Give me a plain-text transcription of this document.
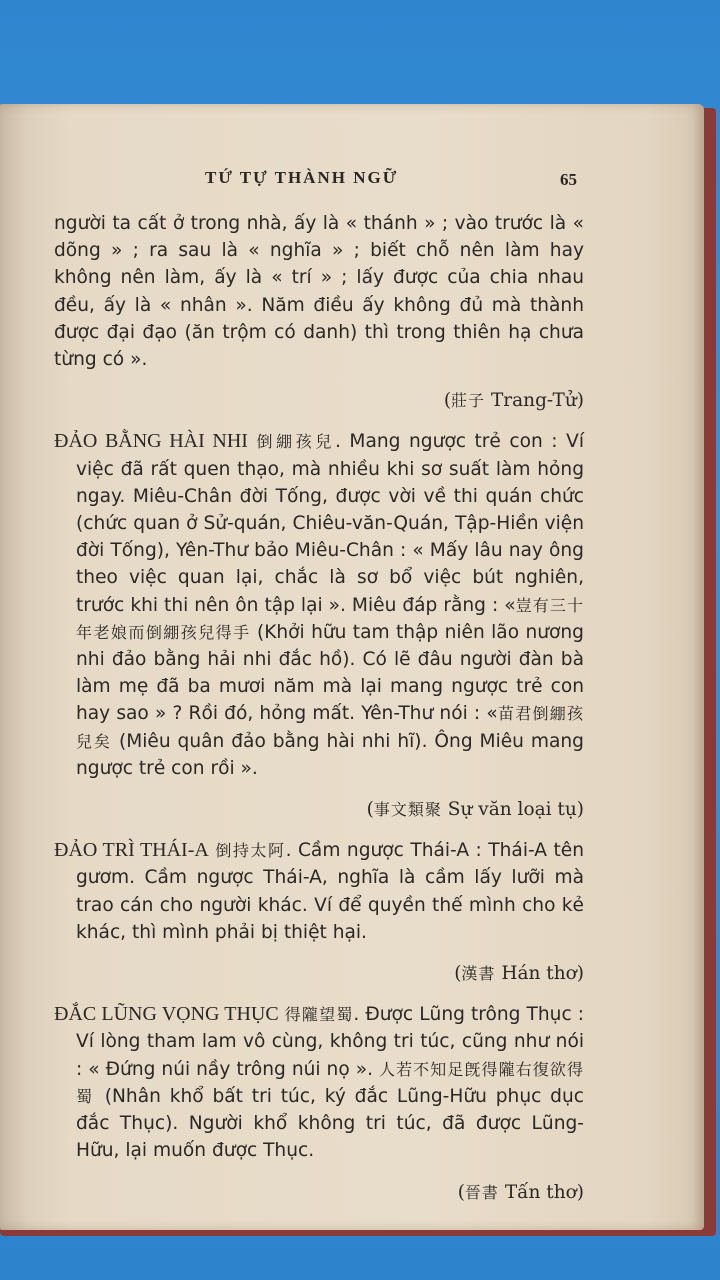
TỨ TỰ THÀNH NGỮ	65

người ta cất ở trong nhà, ấy là « thánh » ; vào trước là « dõng » ; ra sau là « nghĩa » ; biết chỗ nên làm hay không nên làm, ấy là « trí » ; lấy được của chia nhau đều, ấy là « nhân ». Năm điều ấy không đủ mà thành được đại đạo (ăn trộm có danh) thì trong thiên hạ chưa từng có ».

(莊子 Trang-Tử)

ĐẢO BẰNG HÀI NHI 倒綳孩兒. Mang ngược trẻ con : Ví việc đã rất quen thạo, mà nhiều khi sơ suất làm hỏng ngay. Miêu-Chân đời Tống, được vời về thi quán chức (chức quan ở Sử-quán, Chiêu-văn-Quán, Tập-Hiền viện đời Tống), Yên-Thư bảo Miêu-Chân : « Mấy lâu nay ông theo việc quan lại, chắc là sơ bổ việc bút nghiên, trước khi thi nên ôn tập lại ». Miêu đáp rằng : «豈有三十年老娘而倒綳孩兒得手 (Khởi hữu tam thập niên lão nương nhi đảo bằng hải nhi đắc hồ). Có lẽ đâu người đàn bà làm mẹ đã ba mươi năm mà lại mang ngược trẻ con hay sao » ? Rồi đó, hỏng mất. Yên-Thư nói : «苗君倒綳孩兒矣 (Miêu quân đảo bằng hài nhi hĩ). Ông Miêu mang ngược trẻ con rồi ».

(事文類聚 Sự văn loại tụ)

ĐẢO TRÌ THÁI-A 倒持太阿. Cầm ngược Thái-A : Thái-A tên gươm. Cầm ngược Thái-A, nghĩa là cầm lấy lưỡi mà trao cán cho người khác. Ví để quyền thế mình cho kẻ khác, thì mình phải bị thiệt hại.

(漢書 Hán thơ)

ĐẮC LŨNG VỌNG THỤC 得隴望蜀. Được Lũng trông Thục : Ví lòng tham lam vô cùng, không tri túc, cũng như nói : « Đứng núi nầy trông núi nọ ». 人若不知足旣得隴右復欲得蜀 (Nhân khổ bất tri túc, ký đắc Lũng-Hữu phục dục đắc Thục). Người khổ không tri túc, đã được Lũng-Hữu, lại muốn được Thục.

(晉書 Tấn thơ)
